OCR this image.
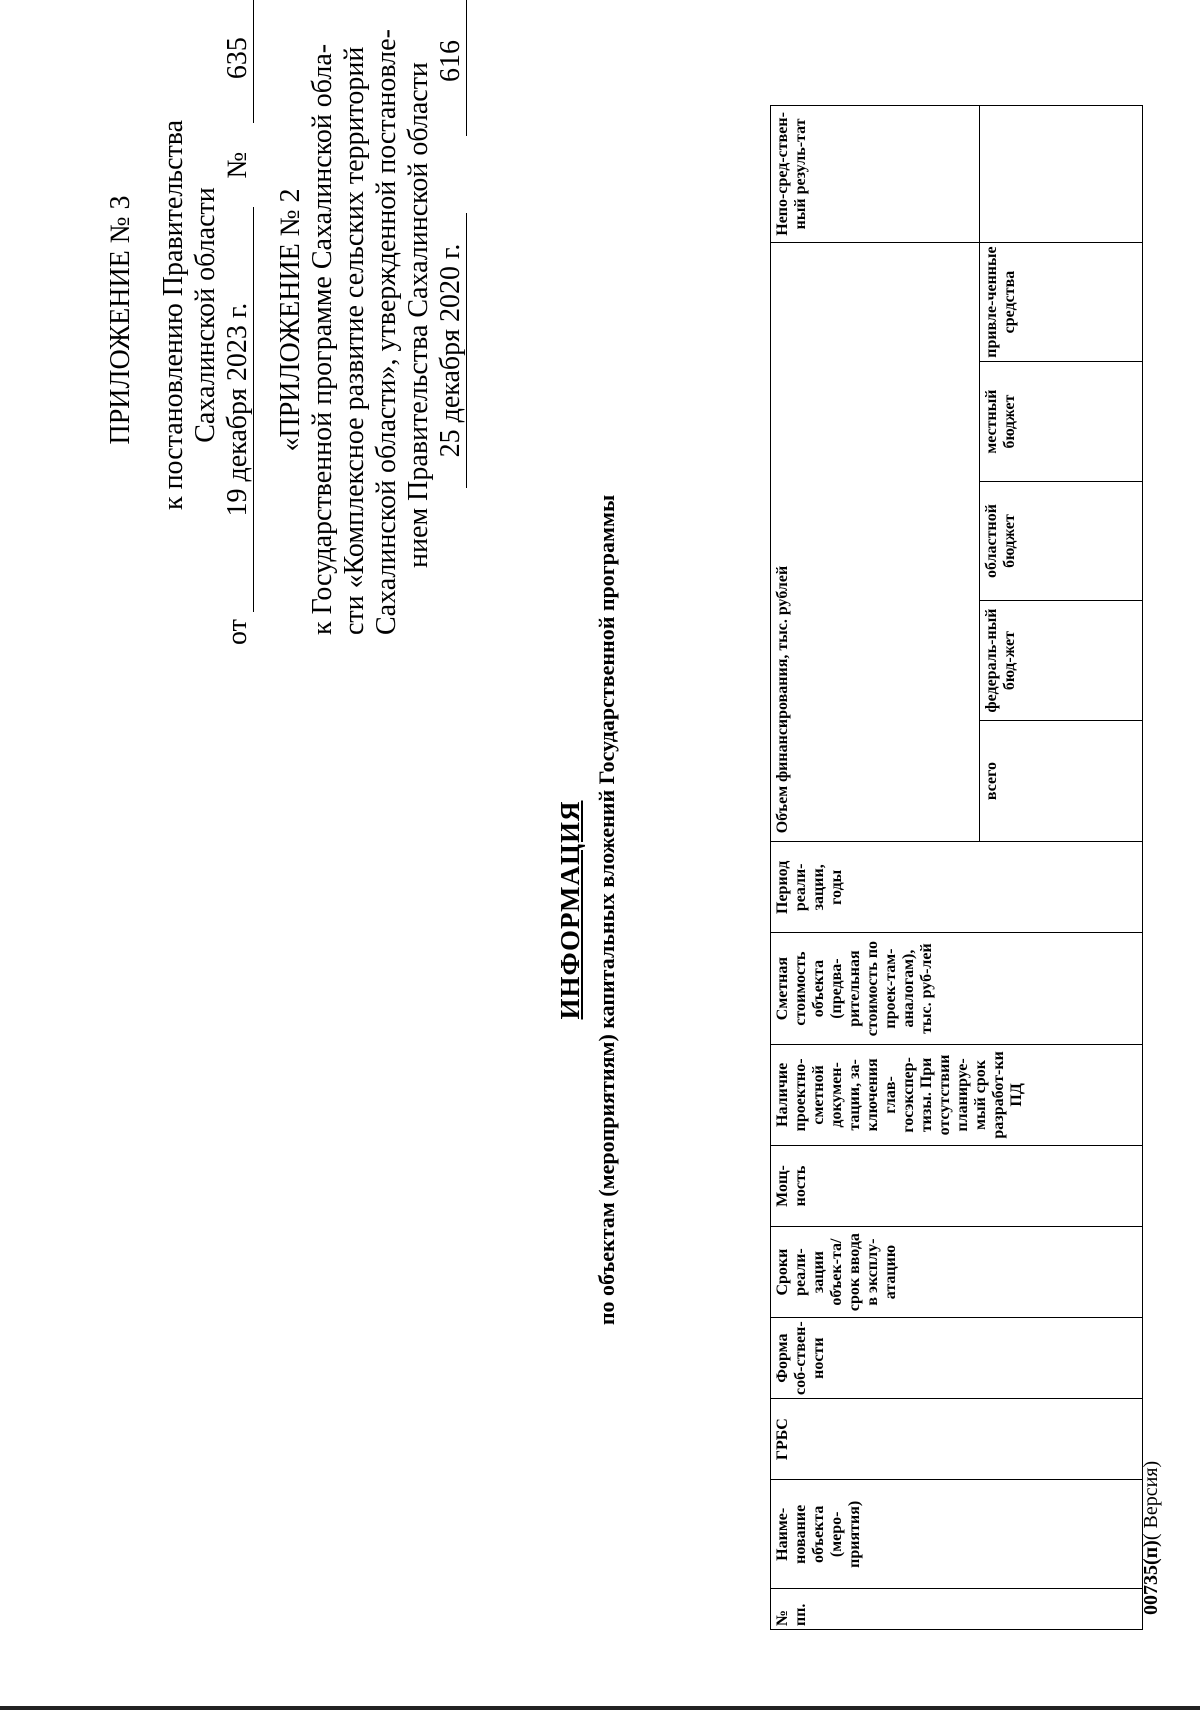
ПРИЛОЖЕНИЕ № 3 к постановлению Правительства Сахалинской области
от 19 декабря 2023 г. № 635
«ПРИЛОЖЕНИЕ № 2 к Государственной программе Сахалинской обла- сти «Комплексное развитие сельских территорий Сахалинской области», утвержденной постановле- нием Правительства Сахалинской области 25 декабря 2020 г. 616
ИНФОРМАЦИЯ по объектам (мероприятиям) капитальных вложений Государственной программы
№ пп.	Наиме-нование объекта (меро-приятия)	ГРБС	Форма соб-ствен-ности	Сроки реали-зации объек-та/срок ввода в эксплу-атацию	Мощ-ность	Наличие проектно-сметной докумен-тации, за-ключения глав-госэкспер-тизы. При отсутствии планируе-мый срок разработ-ки ПД	Сметная стоимость объекта (предва-рительная стоимость по проек-там-аналогам), тыс. руб-лей	Период реали-зации, годы	Объем финансирования, тыс. рублей					Непо-сред-ствен-ный резуль-тат
									всего	федераль-ный бюд-жет	областной бюджет	местный бюджет	привле-ченные средства	
00735(п)( Версия)
